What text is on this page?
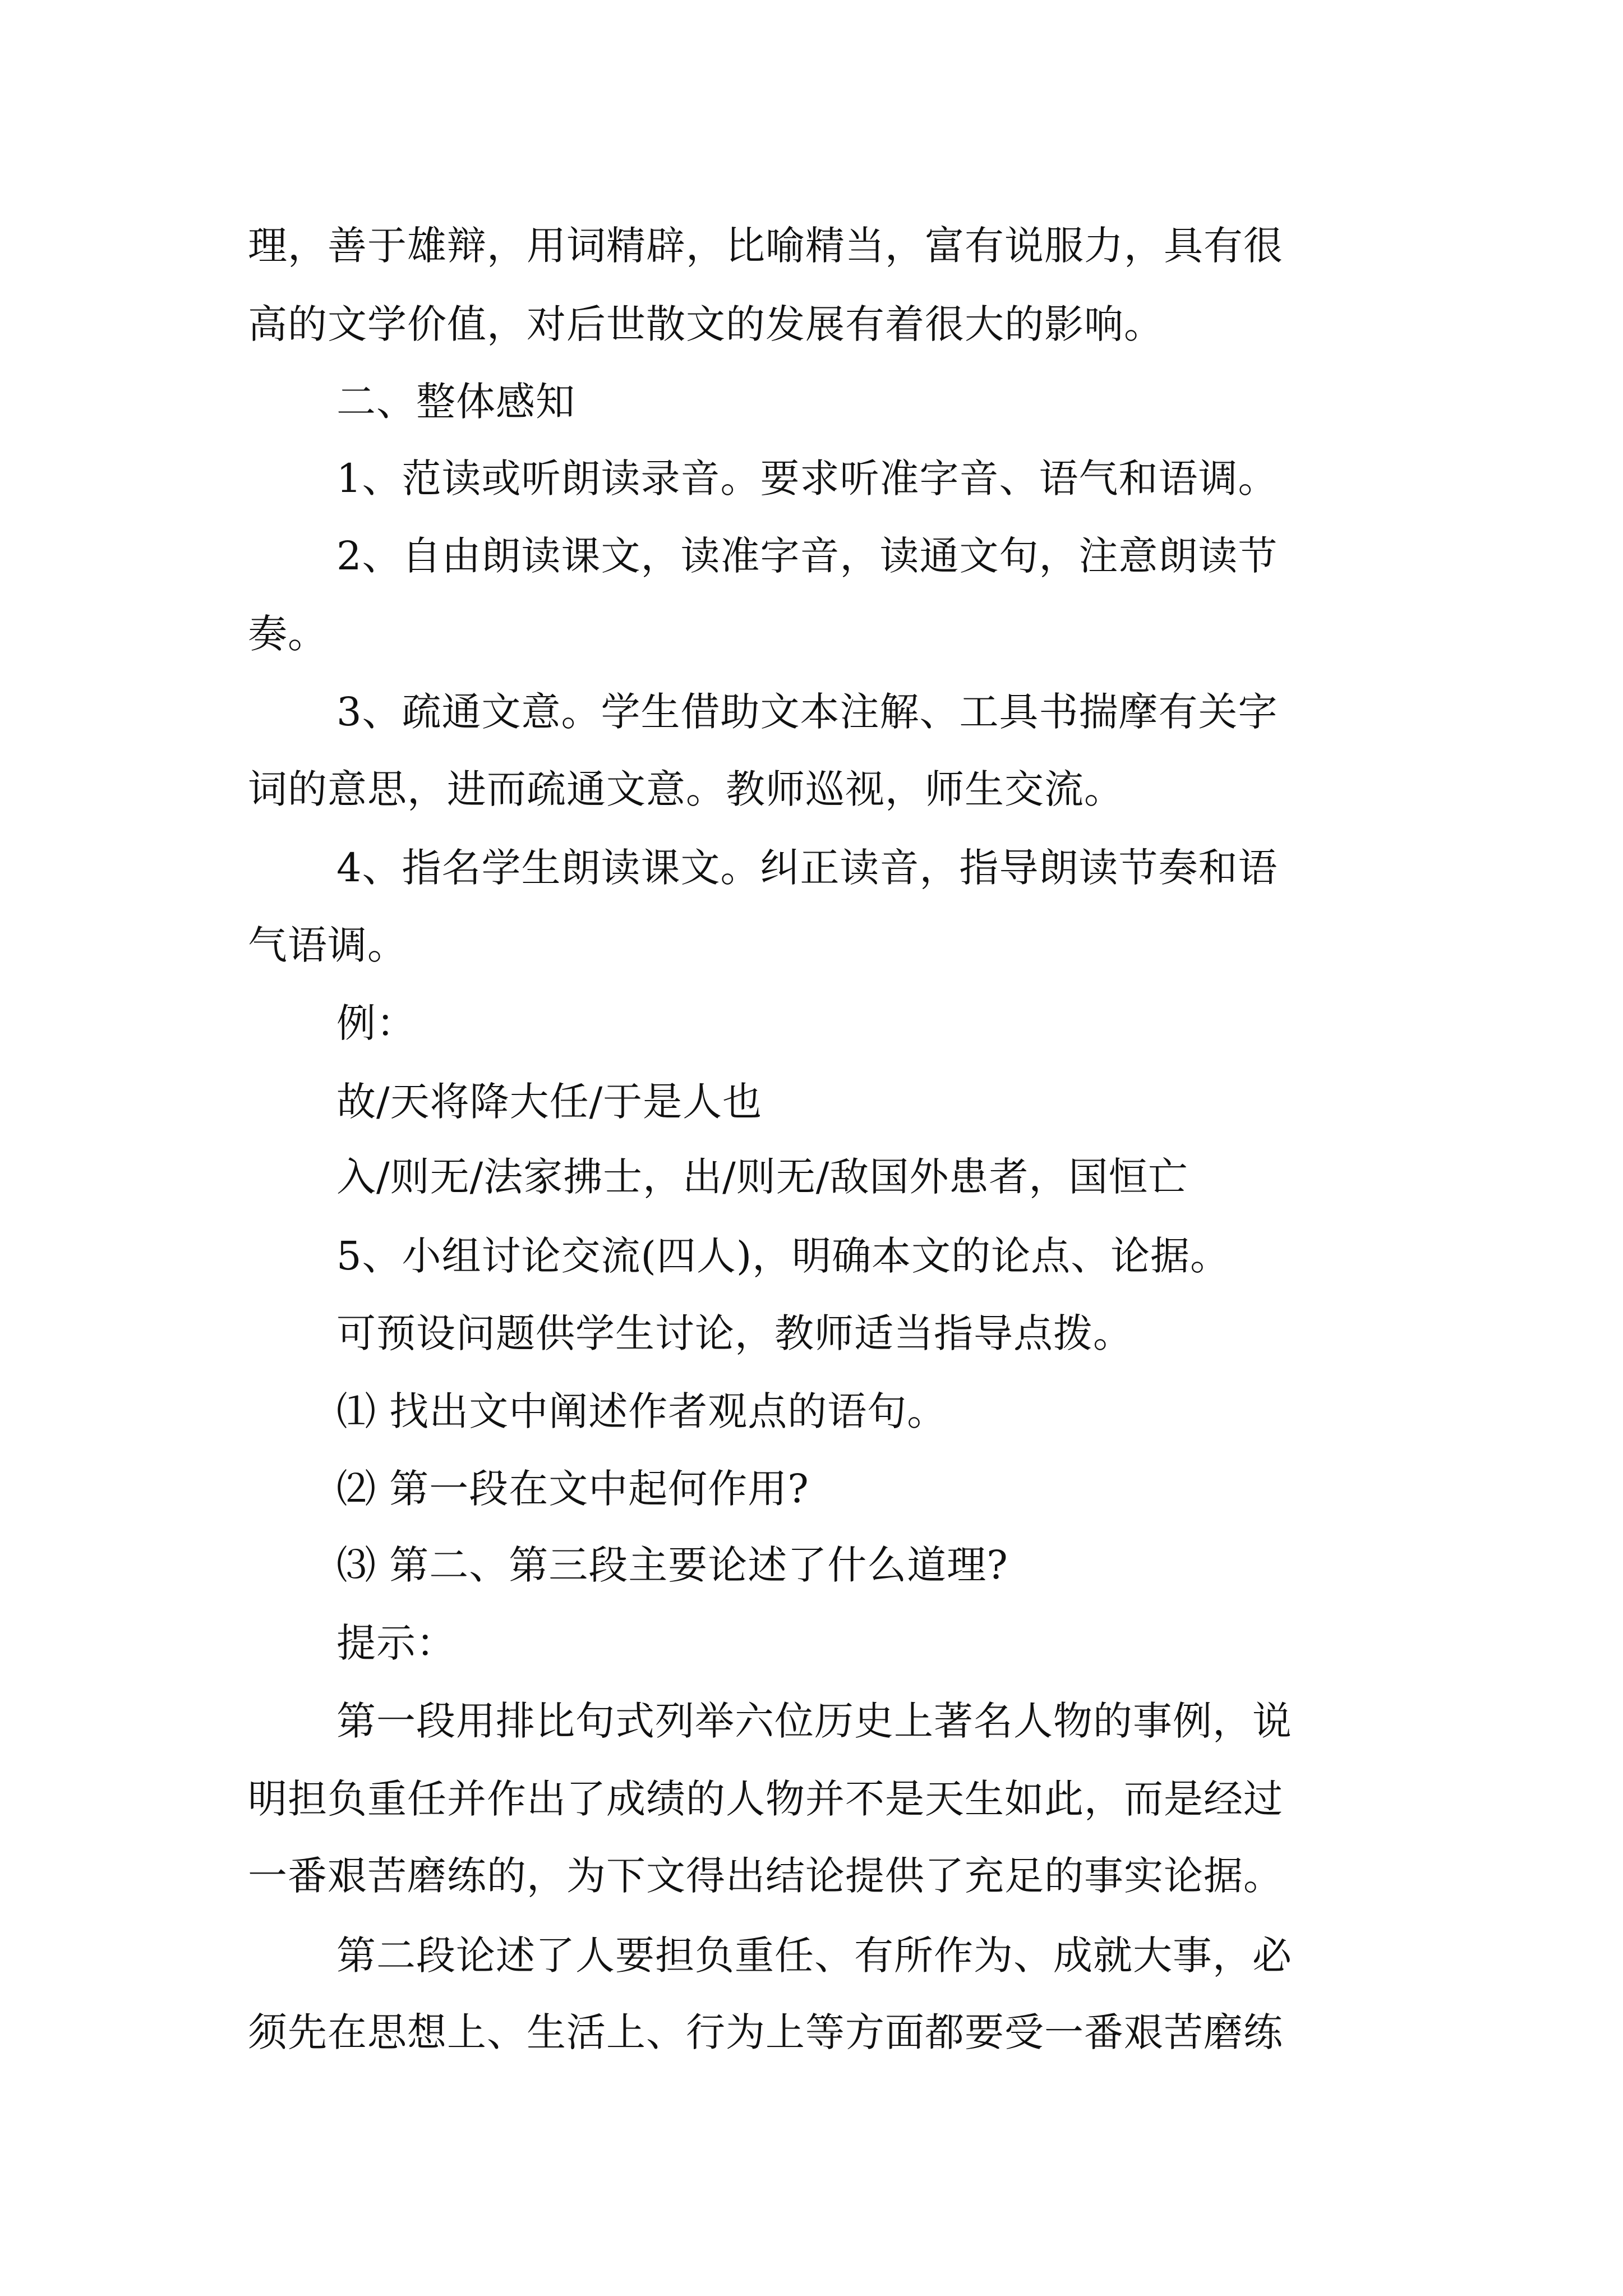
理，善于雄辩，用词精辟，比喻精当，富有说服力，具有很
高的文学价值，对后世散文的发展有着很大的影响。
二、整体感知
1、范读或听朗读录音。要求听准字音、语气和语调。
2、自由朗读课文，读准字音，读通文句，注意朗读节
奏。
3、疏通文意。学生借助文本注解、工具书揣摩有关字
词的意思，进而疏通文意。教师巡视，师生交流。
4、指名学生朗读课文。纠正读音，指导朗读节奏和语
气语调。
例：
故/天将降大任/于是人也
入/则无/法家拂士，出/则无/敌国外患者，国恒亡
5、小组讨论交流(四人)，明确本文的论点、论据。
可预设问题供学生讨论，教师适当指导点拨。
⑴ 找出文中阐述作者观点的语句。
⑵ 第一段在文中起何作用?
⑶ 第二、第三段主要论述了什么道理?
提示：
第一段用排比句式列举六位历史上著名人物的事例，说
明担负重任并作出了成绩的人物并不是天生如此，而是经过
一番艰苦磨练的，为下文得出结论提供了充足的事实论据。
第二段论述了人要担负重任、有所作为、成就大事，必
须先在思想上、生活上、行为上等方面都要受一番艰苦磨练
